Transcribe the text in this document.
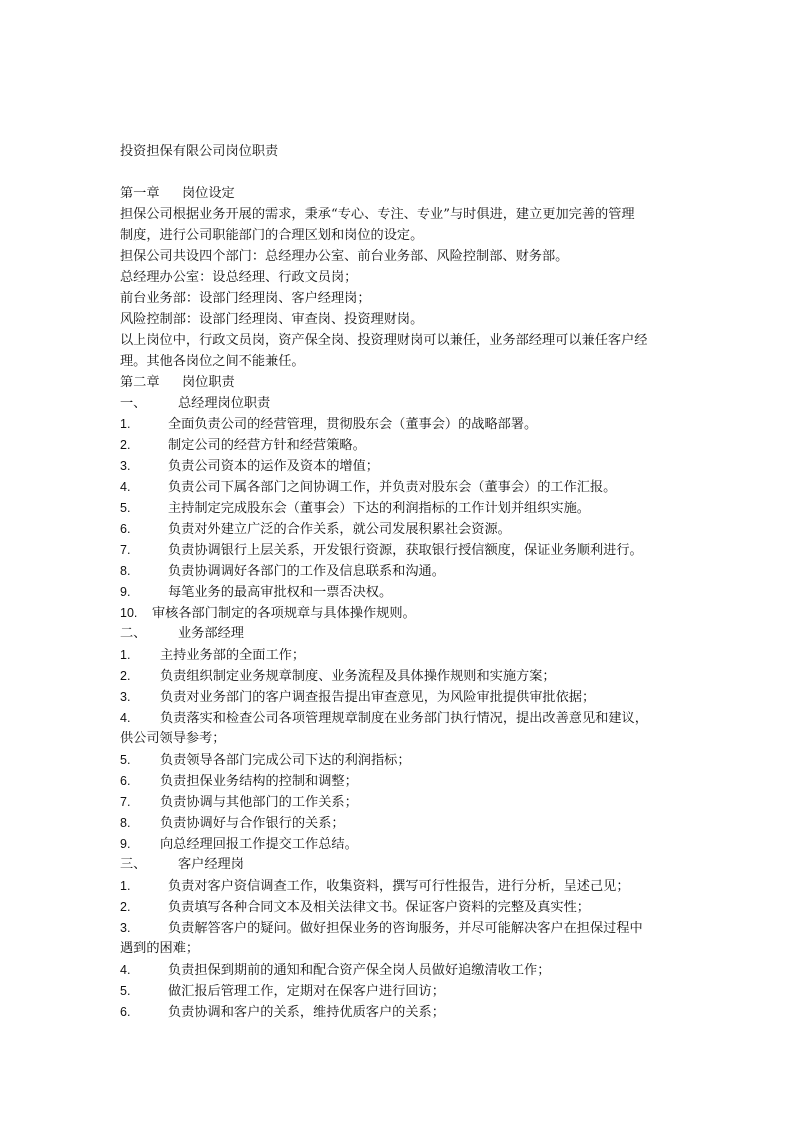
投资担保有限公司岗位职责
第一章 岗位设定
担保公司根据业务开展的需求，秉承“专心、专注、专业”与时俱进，建立更加完善的管理
制度，进行公司职能部门的合理区划和岗位的设定。
担保公司共设四个部门：总经理办公室、前台业务部、风险控制部、财务部。
总经理办公室：设总经理、行政文员岗；
前台业务部：设部门经理岗、客户经理岗；
风险控制部：设部门经理岗、审查岗、投资理财岗。
以上岗位中，行政文员岗，资产保全岗、投资理财岗可以兼任，业务部经理可以兼任客户经
理。其他各岗位之间不能兼任。
第二章 岗位职责
一、 总经理岗位职责
1.	全面负责公司的经营管理，贯彻股东会（董事会）的战略部署。
2.	制定公司的经营方针和经营策略。
3.	负责公司资本的运作及资本的增值；
4.	负责公司下属各部门之间协调工作，并负责对股东会（董事会）的工作汇报。
5.	主持制定完成股东会（董事会）下达的利润指标的工作计划并组织实施。
6.	负责对外建立广泛的合作关系，就公司发展积累社会资源。
7.	负责协调银行上层关系，开发银行资源，获取银行授信额度，保证业务顺利进行。
8.	负责协调调好各部门的工作及信息联系和沟通。
9.	每笔业务的最高审批权和一票否决权。
10. 审核各部门制定的各项规章与具体操作规则。
二、 业务部经理
1. 主持业务部的全面工作；
2. 负责组织制定业务规章制度、业务流程及具体操作规则和实施方案；
3. 负责对业务部门的客户调查报告提出审查意见，为风险审批提供审批依据；
4. 负责落实和检查公司各项管理规章制度在业务部门执行情况，提出改善意见和建议，
供公司领导参考；
5. 负责领导各部门完成公司下达的利润指标；
6. 负责担保业务结构的控制和调整；
7. 负责协调与其他部门的工作关系；
8. 负责协调好与合作银行的关系；
9. 向总经理回报工作提交工作总结。
三、 客户经理岗
1.	负责对客户资信调查工作，收集资料，撰写可行性报告，进行分析，呈述己见；
2.	负责填写各种合同文本及相关法律文书。保证客户资料的完整及真实性；
3.	负责解答客户的疑问。做好担保业务的咨询服务，并尽可能解决客户在担保过程中
遇到的困难；
4.	负责担保到期前的通知和配合资产保全岗人员做好追缴清收工作；
5.	做汇报后管理工作，定期对在保客户进行回访；
6.	负责协调和客户的关系，维持优质客户的关系；
